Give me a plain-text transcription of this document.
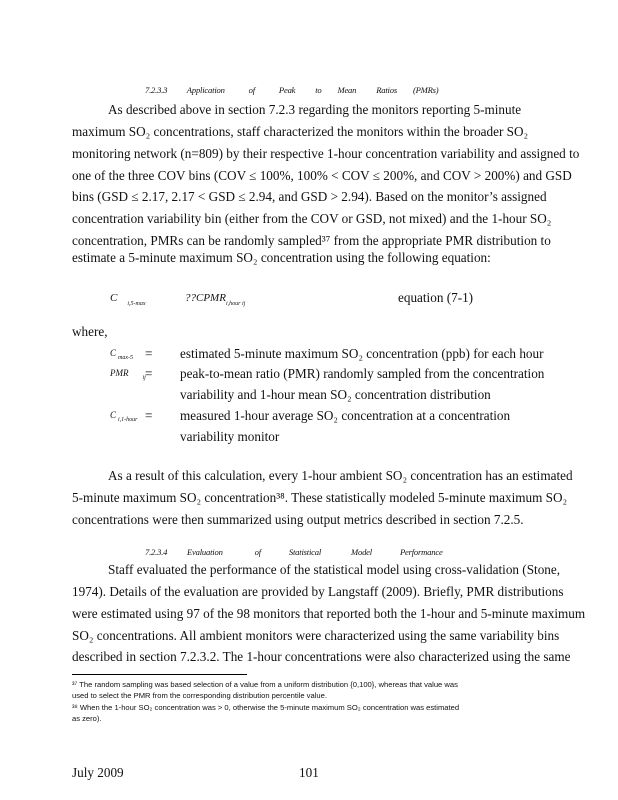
7.2.3.3 Application	of	Peak to Mean Ratios (PMRs)
As described above in section 7.2.3 regarding the monitors reporting 5-minute
maximum SO₂ concentrations, staff characterized the monitors within the broader SO₂
monitoring network (n=809) by their respective 1-hour concentration variability and assigned to
one of the three COV bins (COV ≤ 100%, 100% < COV ≤ 200%, and COV > 200%) and GSD
bins (GSD ≤ 2.17, 2.17 < GSD ≤ 2.94, and GSD > 2.94). Based on the monitor’s assigned
concentration variability bin (either from the COV or GSD, not mixed) and the 1-hour SO₂
concentration, PMRs can be randomly sampled³⁷ from the appropriate PMR distribution to
estimate a 5-minute maximum SO₂ concentration using the following equation:
C $_{i,5-max}$	$??CPMR_{i,hour ij}$	equation (7-1)
where,
C $_{max-5}$ = estimated 5-minute maximum SO₂ concentration (ppb) for each hour
PMR $_{ij}$ = peak-to-mean ratio (PMR) randomly sampled from the concentration
variability and 1-hour mean SO₂ concentration distribution
C $_{i,1-hour}$ = measured 1-hour average SO₂ concentration at a concentration
variability monitor
As a result of this calculation, every 1-hour ambient SO₂ concentration has an estimated
5-minute maximum SO₂ concentration³⁸. These statistically modeled 5-minute maximum SO₂
concentrations were then summarized using output metrics described in section 7.2.5.
7.2.3.4 Evaluation	of	Statistical	Model	Performance
Staff evaluated the performance of the statistical model using cross-validation (Stone,
1974). Details of the evaluation are provided by Langstaff (2009). Briefly, PMR distributions
were estimated using 97 of the 98 monitors that reported both the 1-hour and 5-minute maximum
SO₂ concentrations. All ambient monitors were characterized using the same variability bins
described in section 7.2.3.2. The 1-hour concentrations were also characterized using the same
³⁷ The random sampling was based selection of a value from a uniform distribution {0,100}, whereas that value was
used to select the PMR from the corresponding distribution percentile value.
³⁸ When the 1-hour SO₂ concentration was > 0, otherwise the 5-minute maximum SO₂ concentration was estimated
as zero).
July 2009	101
